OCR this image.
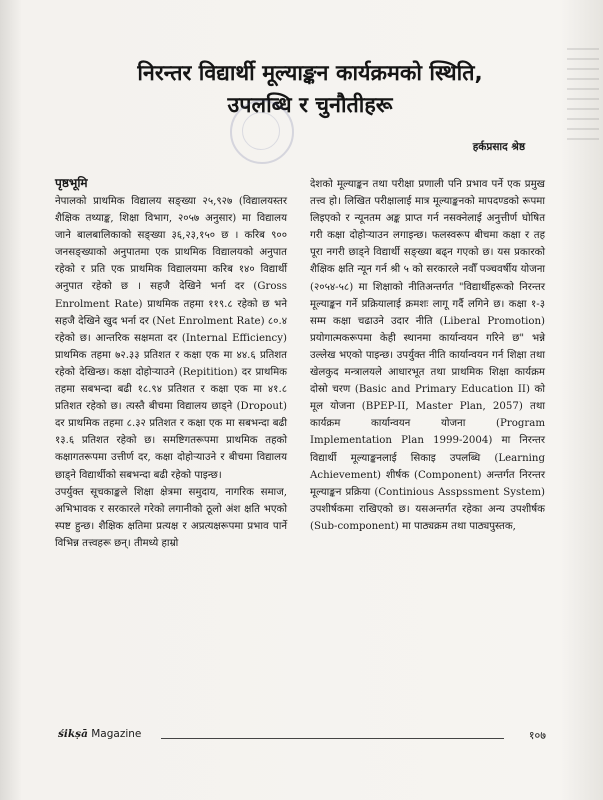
निरन्तर विद्यार्थी मूल्याङ्कन कार्यक्रमको स्थिति,
उपलब्धि र चुनौतीहरू
हर्कप्रसाद श्रेष्ठ
पृष्ठभूमि

नेपालको प्राथमिक विद्यालय सङ्ख्या २५,९२७ (विद्यालयस्तर शैक्षिक तथ्याङ्क, शिक्षा विभाग, २०५७ अनुसार) मा विद्यालय जाने बालबालिकाको सङ्ख्या ३६,२३,१५० छ । करिब ९०० जनसङ्ख्याको अनुपातमा एक प्राथमिक विद्यालयको अनुपात रहेको र प्रति एक प्राथमिक विद्यालयमा करिब १४० विद्यार्थी अनुपात रहेको छ । सहजै देखिने भर्ना दर (Gross Enrolment Rate) प्राथमिक तहमा ११९.८ रहेको छ भने सहजै देखिने खुद भर्ना दर (Net Enrolment Rate) ८०.४ रहेको छ। आन्तरिक सक्षमता दर (Internal Efficiency) प्राथमिक तहमा ७२.३३ प्रतिशत र कक्षा एक मा ४४.६ प्रतिशत रहेको देखिन्छ। कक्षा दोहोऱ्याउने (Repitition) दर प्राथमिक तहमा सबभन्दा बढी १८.९४ प्रतिशत र कक्षा एक मा ४१.८ प्रतिशत रहेको छ। त्यस्तै बीचमा विद्यालय छाड्ने (Dropout) दर प्राथमिक तहमा ८.३२ प्रतिशत र कक्षा एक मा सबभन्दा बढी १३.६ प्रतिशत रहेको छ। समष्टिगतरूपमा प्राथमिक तहको कक्षागतरूपमा उत्तीर्ण दर, कक्षा दोहोऱ्याउने र बीचमा विद्यालय छाड्ने विद्यार्थीको सबभन्दा बढी रहेको पाइन्छ।

उपर्युक्त सूचकाङ्कले शिक्षा क्षेत्रमा समुदाय, नागरिक समाज, अभिभावक र सरकारले गरेको लगानीको ठूलो अंश क्षति भएको स्पष्ट हुन्छ। शैक्षिक क्षतिमा प्रत्यक्ष र अप्रत्यक्षरूपमा प्रभाव पार्ने विभिन्न तत्त्वहरू छन्। तीमध्ये हाम्रो

देशको मूल्याङ्कन तथा परीक्षा प्रणाली पनि प्रभाव पर्ने एक प्रमुख तत्त्व हो। लिखित परीक्षालाई मात्र मूल्याङ्कनको मापदण्डको रूपमा लिइएको र न्यूनतम अङ्क प्राप्त गर्न नसक्नेलाई अनुत्तीर्ण घोषित गरी कक्षा दोहोऱ्याउन लगाइन्छ। फलस्वरूप बीचमा कक्षा र तह पूरा नगरी छाड्ने विद्यार्थी सङ्ख्या बढ्न गएको छ। यस प्रकारको शैक्षिक क्षति न्यून गर्न श्री ५ को सरकारले नवौँ पञ्चवर्षीय योजना (२०५४-५८) मा शिक्षाको नीतिअन्तर्गत "विद्यार्थीहरूको निरन्तर मूल्याङ्कन गर्ने प्रक्रियालाई क्रमशः लागू गर्दै लगिने छ। कक्षा १-३ सम्म कक्षा चढाउने उदार नीति (Liberal Promotion) प्रयोगात्मकरूपमा केही स्थानमा कार्यान्वयन गरिने छ" भन्ने उल्लेख भएको पाइन्छ। उपर्युक्त नीति कार्यान्वयन गर्न शिक्षा तथा खेलकुद मन्त्रालयले आधारभूत तथा प्राथमिक शिक्षा कार्यक्रम दोस्रो चरण (Basic and Primary Education II) को मूल योजना (BPEP-II, Master Plan, 2057) तथा कार्यक्रम कार्यान्वयन योजना (Program Implementation Plan 1999-2004) मा निरन्तर विद्यार्थी मूल्याङ्कनलाई सिकाइ उपलब्धि (Learning Achievement) शीर्षक (Component) अन्तर्गत निरन्तर मूल्याङ्कन प्रक्रिया (Continious Asspssment System) उपशीर्षकमा राखिएको छ। यसअन्तर्गत रहेका अन्य उपशीर्षक (Sub-component) मा पाठ्यक्रम तथा पाठ्यपुस्तक,

śikṣā Magazine	१०७
